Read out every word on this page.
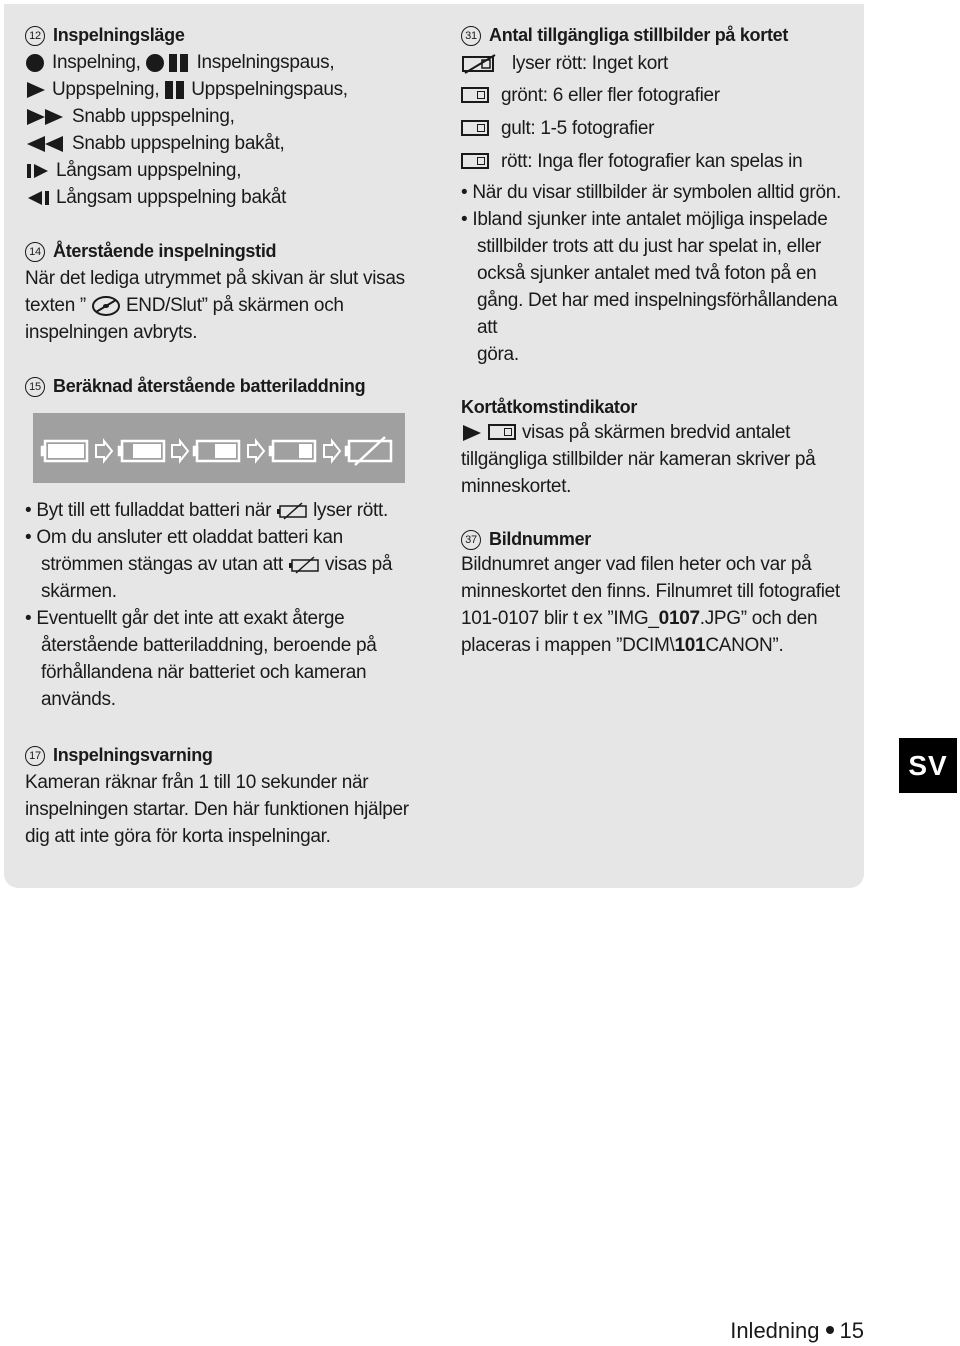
12 Inspelningsläge

Inspelning,	Inspelningspaus,

Uppspelning, Uppspelningspaus,

Snabb uppspelning,

Snabb uppspelning bakåt,

Långsam uppspelning,

Långsam uppspelning bakåt

14 Återstående inspelningstid

När det lediga utrymmet på skivan är slut visas

texten ” END/Slut” på skärmen och

inspelningen avbryts.

15 Beräknad återstående batteriladdning

• Byt till ett fulladdat batteri när lyser rött.

• Om du ansluter ett oladdat batteri kan

strömmen stängas av utan att visas på

skärmen.

• Eventuellt går det inte att exakt återge

återstående batteriladdning, beroende på

förhållandena när batteriet och kameran

används.

17 Inspelningsvarning

Kameran räknar från 1 till 10 sekunder när

inspelningen startar. Den här funktionen hjälper

dig att inte göra för korta inspelningar.

31 Antal tillgängliga stillbilder på kortet

lyser rött: Inget kort

grönt: 6 eller fler fotografier

gult: 1-5 fotografier

rött: Inga fler fotografier kan spelas in

• När du visar stillbilder är symbolen alltid grön.

• Ibland sjunker inte antalet möjliga inspelade

stillbilder trots att du just har spelat in, eller

också sjunker antalet med två foton på en

gång. Det har med inspelningsförhållandena att

göra.

Kortåtkomstindikator

visas på skärmen bredvid antalet

tillgängliga stillbilder när kameran skriver på

minneskortet.

37 Bildnummer

Bildnumret anger vad filen heter och var på

minneskortet den finns. Filnumret till fotografiet

101-0107 blir t ex ”IMG_0107.JPG” och den

placeras i mappen ”DCIM\101CANON”.

SV
Inledning 15
